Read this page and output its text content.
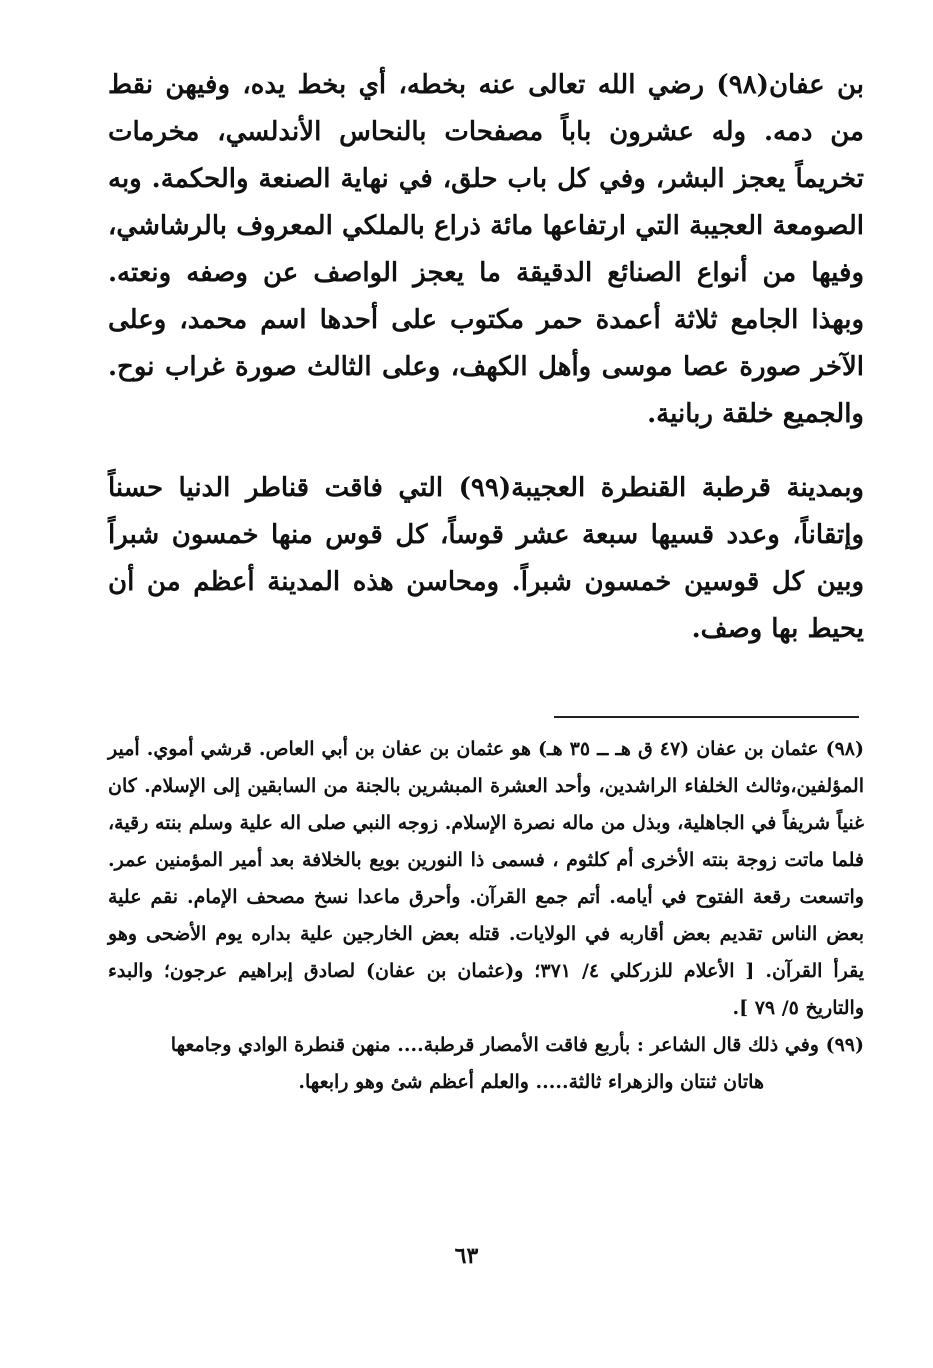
بن عفان(٩٨) رضي الله تعالى عنه بخطه، أي بخط يده، وفيهن نقط من دمه. وله عشرون باباً مصفحات بالنحاس الأندلسي، مخرمات تخريماً يعجز البشر، وفي كل باب حلق، في نهاية الصنعة والحكمة. وبه الصومعة العجيبة التي ارتفاعها مائة ذراع بالملكي المعروف بالرشاشي، وفيها من أنواع الصنائع الدقيقة ما يعجز الواصف عن وصفه ونعته. وبهذا الجامع ثلاثة أعمدة حمر مكتوب على أحدها اسم محمد، وعلى الآخر صورة عصا موسى وأهل الكهف، وعلى الثالث صورة غراب نوح. والجميع خلقة ربانية.

وبمدينة قرطبة القنطرة العجيبة(٩٩) التي فاقت قناطر الدنيا حسناً وإتقاناً، وعدد قسيها سبعة عشر قوساً، كل قوس منها خمسون شبراً وبين كل قوسين خمسون شبراً. ومحاسن هذه المدينة أعظم من أن يحيط بها وصف.

(٩٨) عثمان بن عفان (٤٧ ق هـ ــ ٣٥ هـ) هو عثمان بن عفان بن أبي العاص. قرشي أموي. أمير المؤلفين،وثالث الخلفاء الراشدين، وأحد العشرة المبشرين بالجنة من السابقين إلى الإسلام. كان غنياً شريفاً في الجاهلية، وبذل من ماله نصرة الإسلام. زوجه النبي صلى اله علية وسلم بنته رقية، فلما ماتت زوجة بنته الأخرى أم كلثوم ، فسمى ذا النورين بويع بالخلافة بعد أمير المؤمنين عمر. واتسعت رقعة الفتوح في أيامه. أتم جمع القرآن. وأحرق ماعدا نسخ مصحف الإمام. نقم علية بعض الناس تقديم بعض أقاربه في الولايات. قتله بعض الخارجين علية بداره يوم الأضحى وهو يقرأ القرآن. [ الأعلام للزركلي ٤/ ٣٧١؛ و(عثمان بن عفان) لصادق إبراهيم عرجون؛ والبدء والتاريخ ٥/ ٧٩ ].

(٩٩) وفي ذلك قال الشاعر : بأربع فاقت الأمصار قرطبة.... منهن قنطرة الوادي وجامعها

هاتان ثنتان والزهراء ثالثة..... والعلم أعظم شئ وهو رابعها.

٦٣
